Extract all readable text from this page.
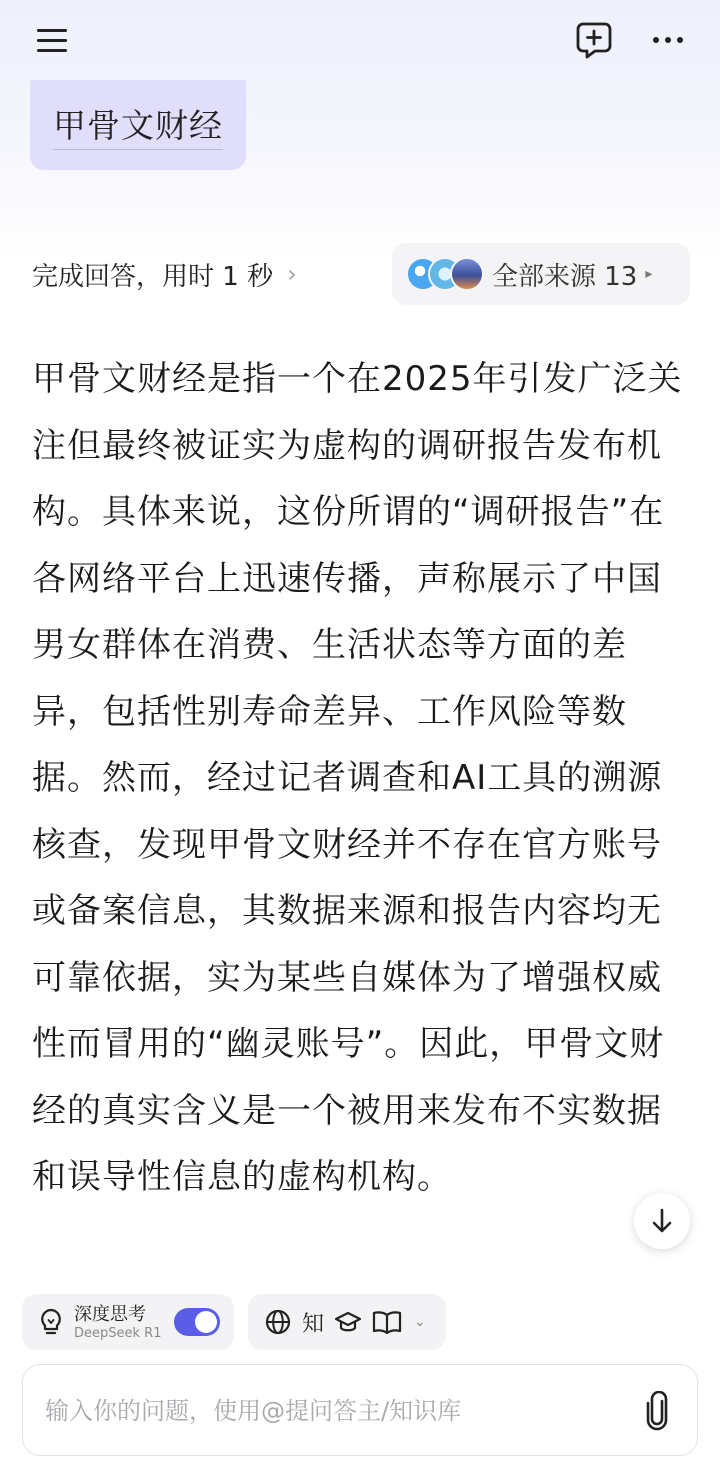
甲骨文财经
完成回答，用时 1 秒 ›	全部来源 13 ▸
甲骨文财经是指一个在2025年引发广泛关注但最终被证实为虚构的调研报告发布机构。具体来说，这份所谓的“调研报告”在各网络平台上迅速传播，声称展示了中国男女群体在消费、生活状态等方面的差异，包括性别寿命差异、工作风险等数据。然而，经过记者调查和AI工具的溯源核查，发现甲骨文财经并不存在官方账号或备案信息，其数据来源和报告内容均无可靠依据，实为某些自媒体为了增强权威性而冒用的“幽灵账号”。因此，甲骨文财经的真实含义是一个被用来发布不实数据和误导性信息的虚构机构。
深度思考
DeepSeek R1	知	⌄
输入你的问题，使用@提问答主/知识库
